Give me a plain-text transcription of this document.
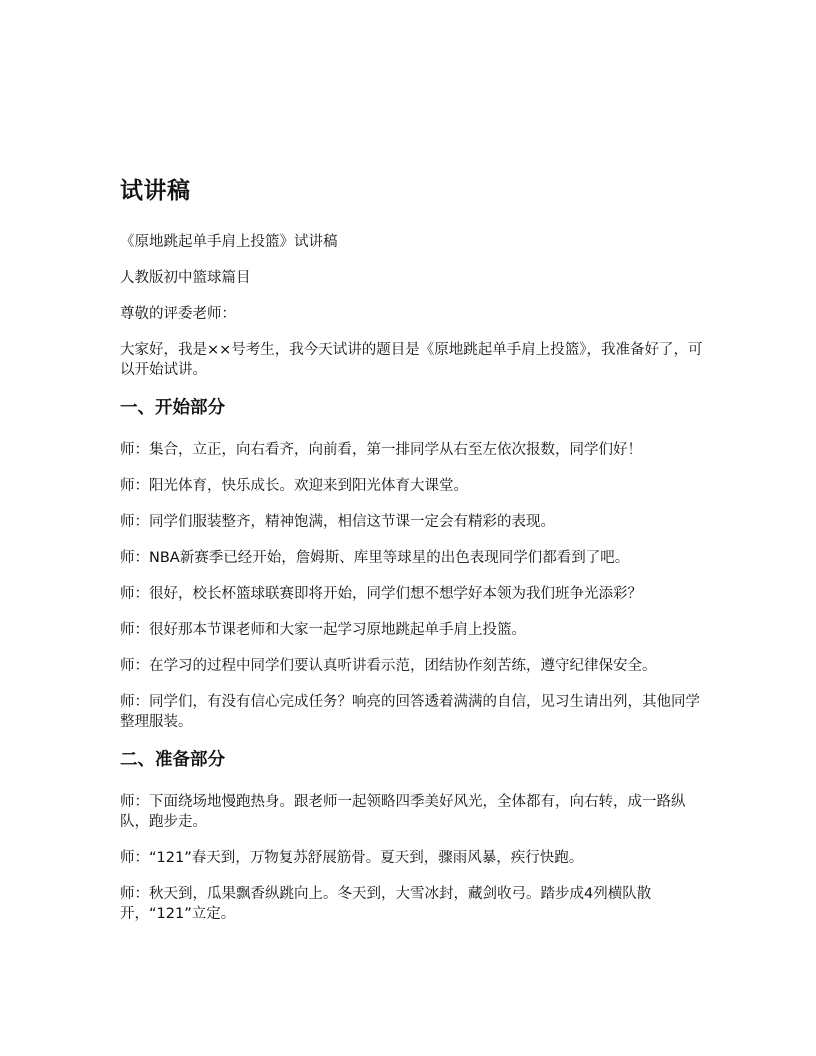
试讲稿

《原地跳起单手肩上投篮》试讲稿

人教版初中篮球篇目

尊敬的评委老师：

大家好，我是××号考生，我今天试讲的题目是《原地跳起单手肩上投篮》，我准备好了，可以开始试讲。

一、开始部分

师：集合，立正，向右看齐，向前看，第一排同学从右至左依次报数，同学们好！

师：阳光体育，快乐成长。欢迎来到阳光体育大课堂。

师：同学们服装整齐，精神饱满，相信这节课一定会有精彩的表现。

师：NBA新赛季已经开始，詹姆斯、库里等球星的出色表现同学们都看到了吧。

师：很好，校长杯篮球联赛即将开始，同学们想不想学好本领为我们班争光添彩？

师：很好那本节课老师和大家一起学习原地跳起单手肩上投篮。

师：在学习的过程中同学们要认真听讲看示范，团结协作刻苦练，遵守纪律保安全。

师：同学们，有没有信心完成任务？响亮的回答透着满满的自信，见习生请出列，其他同学整理服装。

二、准备部分

师：下面绕场地慢跑热身。跟老师一起领略四季美好风光，全体都有，向右转，成一路纵队，跑步走。

师：“121”春天到，万物复苏舒展筋骨。夏天到，骤雨风暴，疾行快跑。

师：秋天到，瓜果飘香纵跳向上。冬天到，大雪冰封，藏剑收弓。踏步成4列横队散开，“121”立定。
